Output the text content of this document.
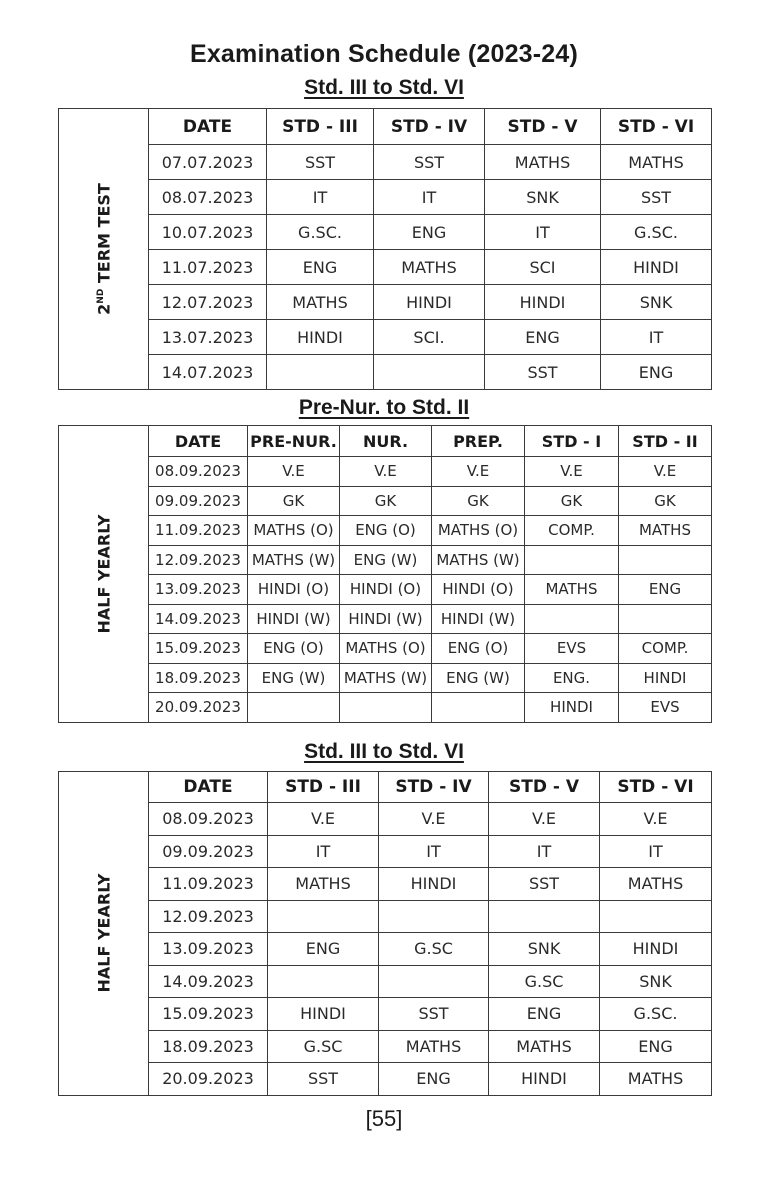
Examination Schedule (2023-24)
Std. III to Std. VI
2ND TERM TEST	DATE	STD - III	STD - IV	STD - V	STD - VI
	07.07.2023	SST	SST	MATHS	MATHS
	08.07.2023	IT	IT	SNK	SST
	10.07.2023	G.SC.	ENG	IT	G.SC.
	11.07.2023	ENG	MATHS	SCI	HINDI
	12.07.2023	MATHS	HINDI	HINDI	SNK
	13.07.2023	HINDI	SCI.	ENG	IT
	14.07.2023			SST	ENG
Pre-Nur. to Std. II
HALF YEARLY	DATE	PRE-NUR.	NUR.	PREP.	STD - I	STD - II
	08.09.2023	V.E	V.E	V.E	V.E	V.E
	09.09.2023	GK	GK	GK	GK	GK
	11.09.2023	MATHS (O)	ENG (O)	MATHS (O)	COMP.	MATHS
	12.09.2023	MATHS (W)	ENG (W)	MATHS (W)		
	13.09.2023	HINDI (O)	HINDI (O)	HINDI (O)	MATHS	ENG
	14.09.2023	HINDI (W)	HINDI (W)	HINDI (W)		
	15.09.2023	ENG (O)	MATHS (O)	ENG (O)	EVS	COMP.
	18.09.2023	ENG (W)	MATHS (W)	ENG (W)	ENG.	HINDI
	20.09.2023				HINDI	EVS
Std. III to Std. VI
HALF YEARLY	DATE	STD - III	STD - IV	STD - V	STD - VI
	08.09.2023	V.E	V.E	V.E	V.E
	09.09.2023	IT	IT	IT	IT
	11.09.2023	MATHS	HINDI	SST	MATHS
	12.09.2023				
	13.09.2023	ENG	G.SC	SNK	HINDI
	14.09.2023			G.SC	SNK
	15.09.2023	HINDI	SST	ENG	G.SC.
	18.09.2023	G.SC	MATHS	MATHS	ENG
	20.09.2023	SST	ENG	HINDI	MATHS
[55]
